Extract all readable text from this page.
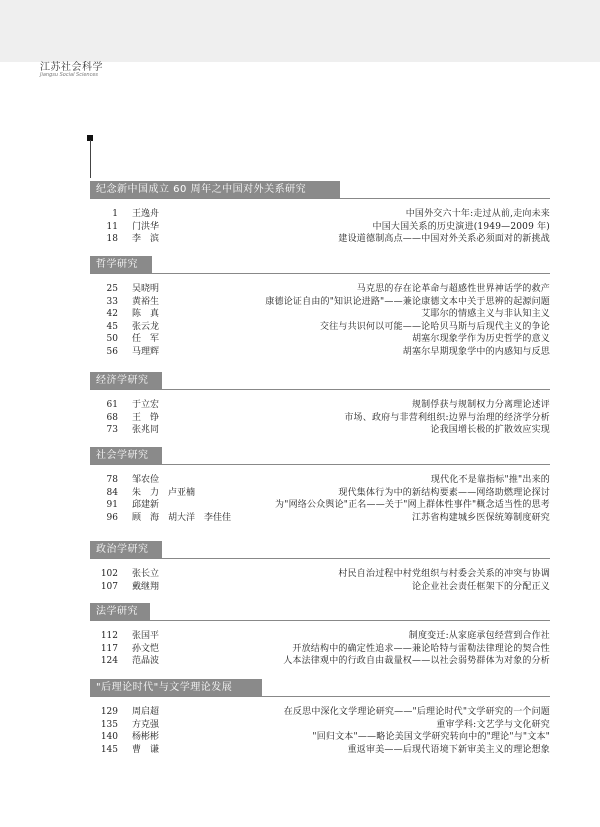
江苏社会科学
Jiangsu Social Sciences
纪念新中国成立 60 周年之中国对外关系研究
1 王逸舟	中国外交六十年:走过从前,走向未来
11 门洪华	中国大国关系的历史演进(1949—2009 年)
18 李　滨	建设道德制高点——中国对外关系必须面对的新挑战
哲学研究
25 吴晓明	马克思的存在论革命与超感性世界神话学的救产
33 黄裕生	康德论证自由的"知识论进路"——兼论康德文本中关于思辨的起源问题
42 陈　真	艾耶尔的情感主义与非认知主义
45 张云龙	交往与共识何以可能——论哈贝马斯与后现代主义的争论
50 任　军	胡塞尔现象学作为历史哲学的意义
56 马理辉	胡塞尔早期现象学中的内感知与反思
经济学研究
61 于立宏	规制俘获与规制权力分离理论述评
68 王　铮	市场、政府与非营利组织:边界与治理的经济学分析
73 张兆同	论我国增长极的扩散效应实现
社会学研究
78 邹农俭	现代化不是靠指标"推"出来的
84 朱　力　卢亚楠	现代集体行为中的新结构要素——网络助燃理论探讨
91 邱建新	为"网络公众舆论"正名——关于"网上群体性事件"概念适当性的思考
96 顾　海　胡大洋　李佳佳	江苏省构建城乡医保统筹制度研究
政治学研究
102 张长立	村民自治过程中村党组织与村委会关系的冲突与协调
107 戴继翔	论企业社会责任框架下的分配正义
法学研究
112 张国平	制度变迁:从家庭承包经营到合作社
117 孙文恺	开放结构中的确定性追求——兼论哈特与雷勒法律理论的契合性
124 范晶波	人本法律观中的行政自由裁量权——以社会弱势群体为对象的分析
"后理论时代"与文学理论发展
129 周启超	在反思中深化文学理论研究——"后理论时代"文学研究的一个问题
135 方克强	重审学科:文艺学与文化研究
140 杨彬彬	"回归文本"——略论美国文学研究转向中的"理论"与"文本"
145 曹　谦	重返审美——后现代语境下新审美主义的理论想象
